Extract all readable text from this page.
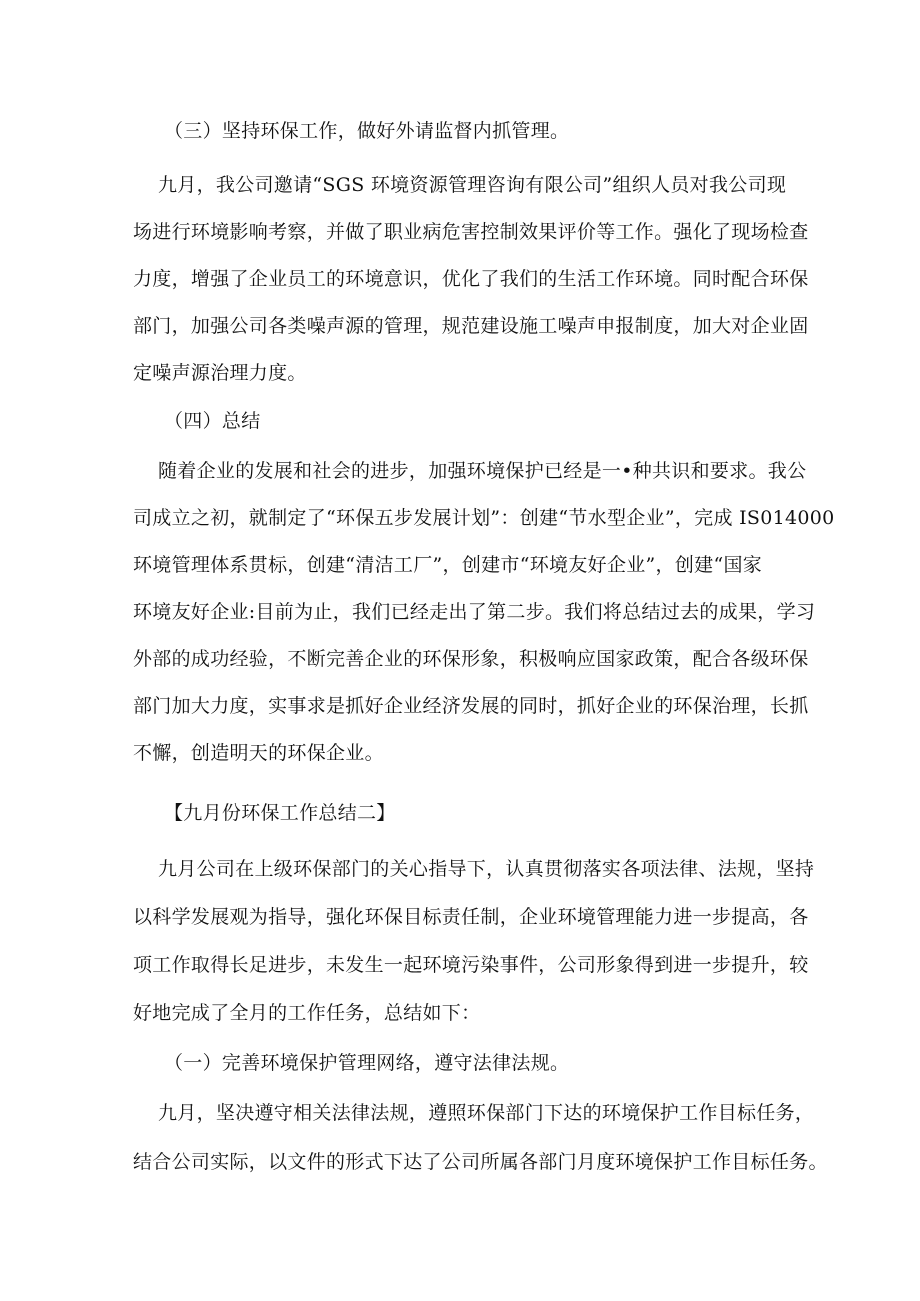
（三）坚持环保工作，做好外请监督内抓管理。
九月，我公司邀请“SGS 环境资源管理咨询有限公司”组织人员对我公司现
场进行环境影响考察，并做了职业病危害控制效果评价等工作。强化了现场检查
力度，增强了企业员工的环境意识，优化了我们的生活工作环境。同时配合环保
部门，加强公司各类噪声源的管理，规范建设施工噪声申报制度，加大对企业固
定噪声源治理力度。
（四）总结
随着企业的发展和社会的进步，加强环境保护已经是一•种共识和要求。我公
司成立之初，就制定了“环保五步发展计划”：创建“节水型企业”，完成 IS014000
环境管理体系贯标，创建“清洁工厂”，创建市“环境友好企业”，创建“国家
环境友好企业:目前为止，我们已经走出了第二步。我们将总结过去的成果，学习
外部的成功经验，不断完善企业的环保形象，积极响应国家政策，配合各级环保
部门加大力度，实事求是抓好企业经济发展的同时，抓好企业的环保治理，长抓
不懈，创造明天的环保企业。
【九月份环保工作总结二】
九月公司在上级环保部门的关心指导下，认真贯彻落实各项法律、法规，坚持
以科学发展观为指导，强化环保目标责任制，企业环境管理能力进一步提高，各
项工作取得长足进步，未发生一起环境污染事件，公司形象得到进一步提升，较
好地完成了全月的工作任务，总结如下：
（一）完善环境保护管理网络，遵守法律法规。
九月，坚决遵守相关法律法规，遵照环保部门下达的环境保护工作目标任务，
结合公司实际，以文件的形式下达了公司所属各部门月度环境保护工作目标任务。
